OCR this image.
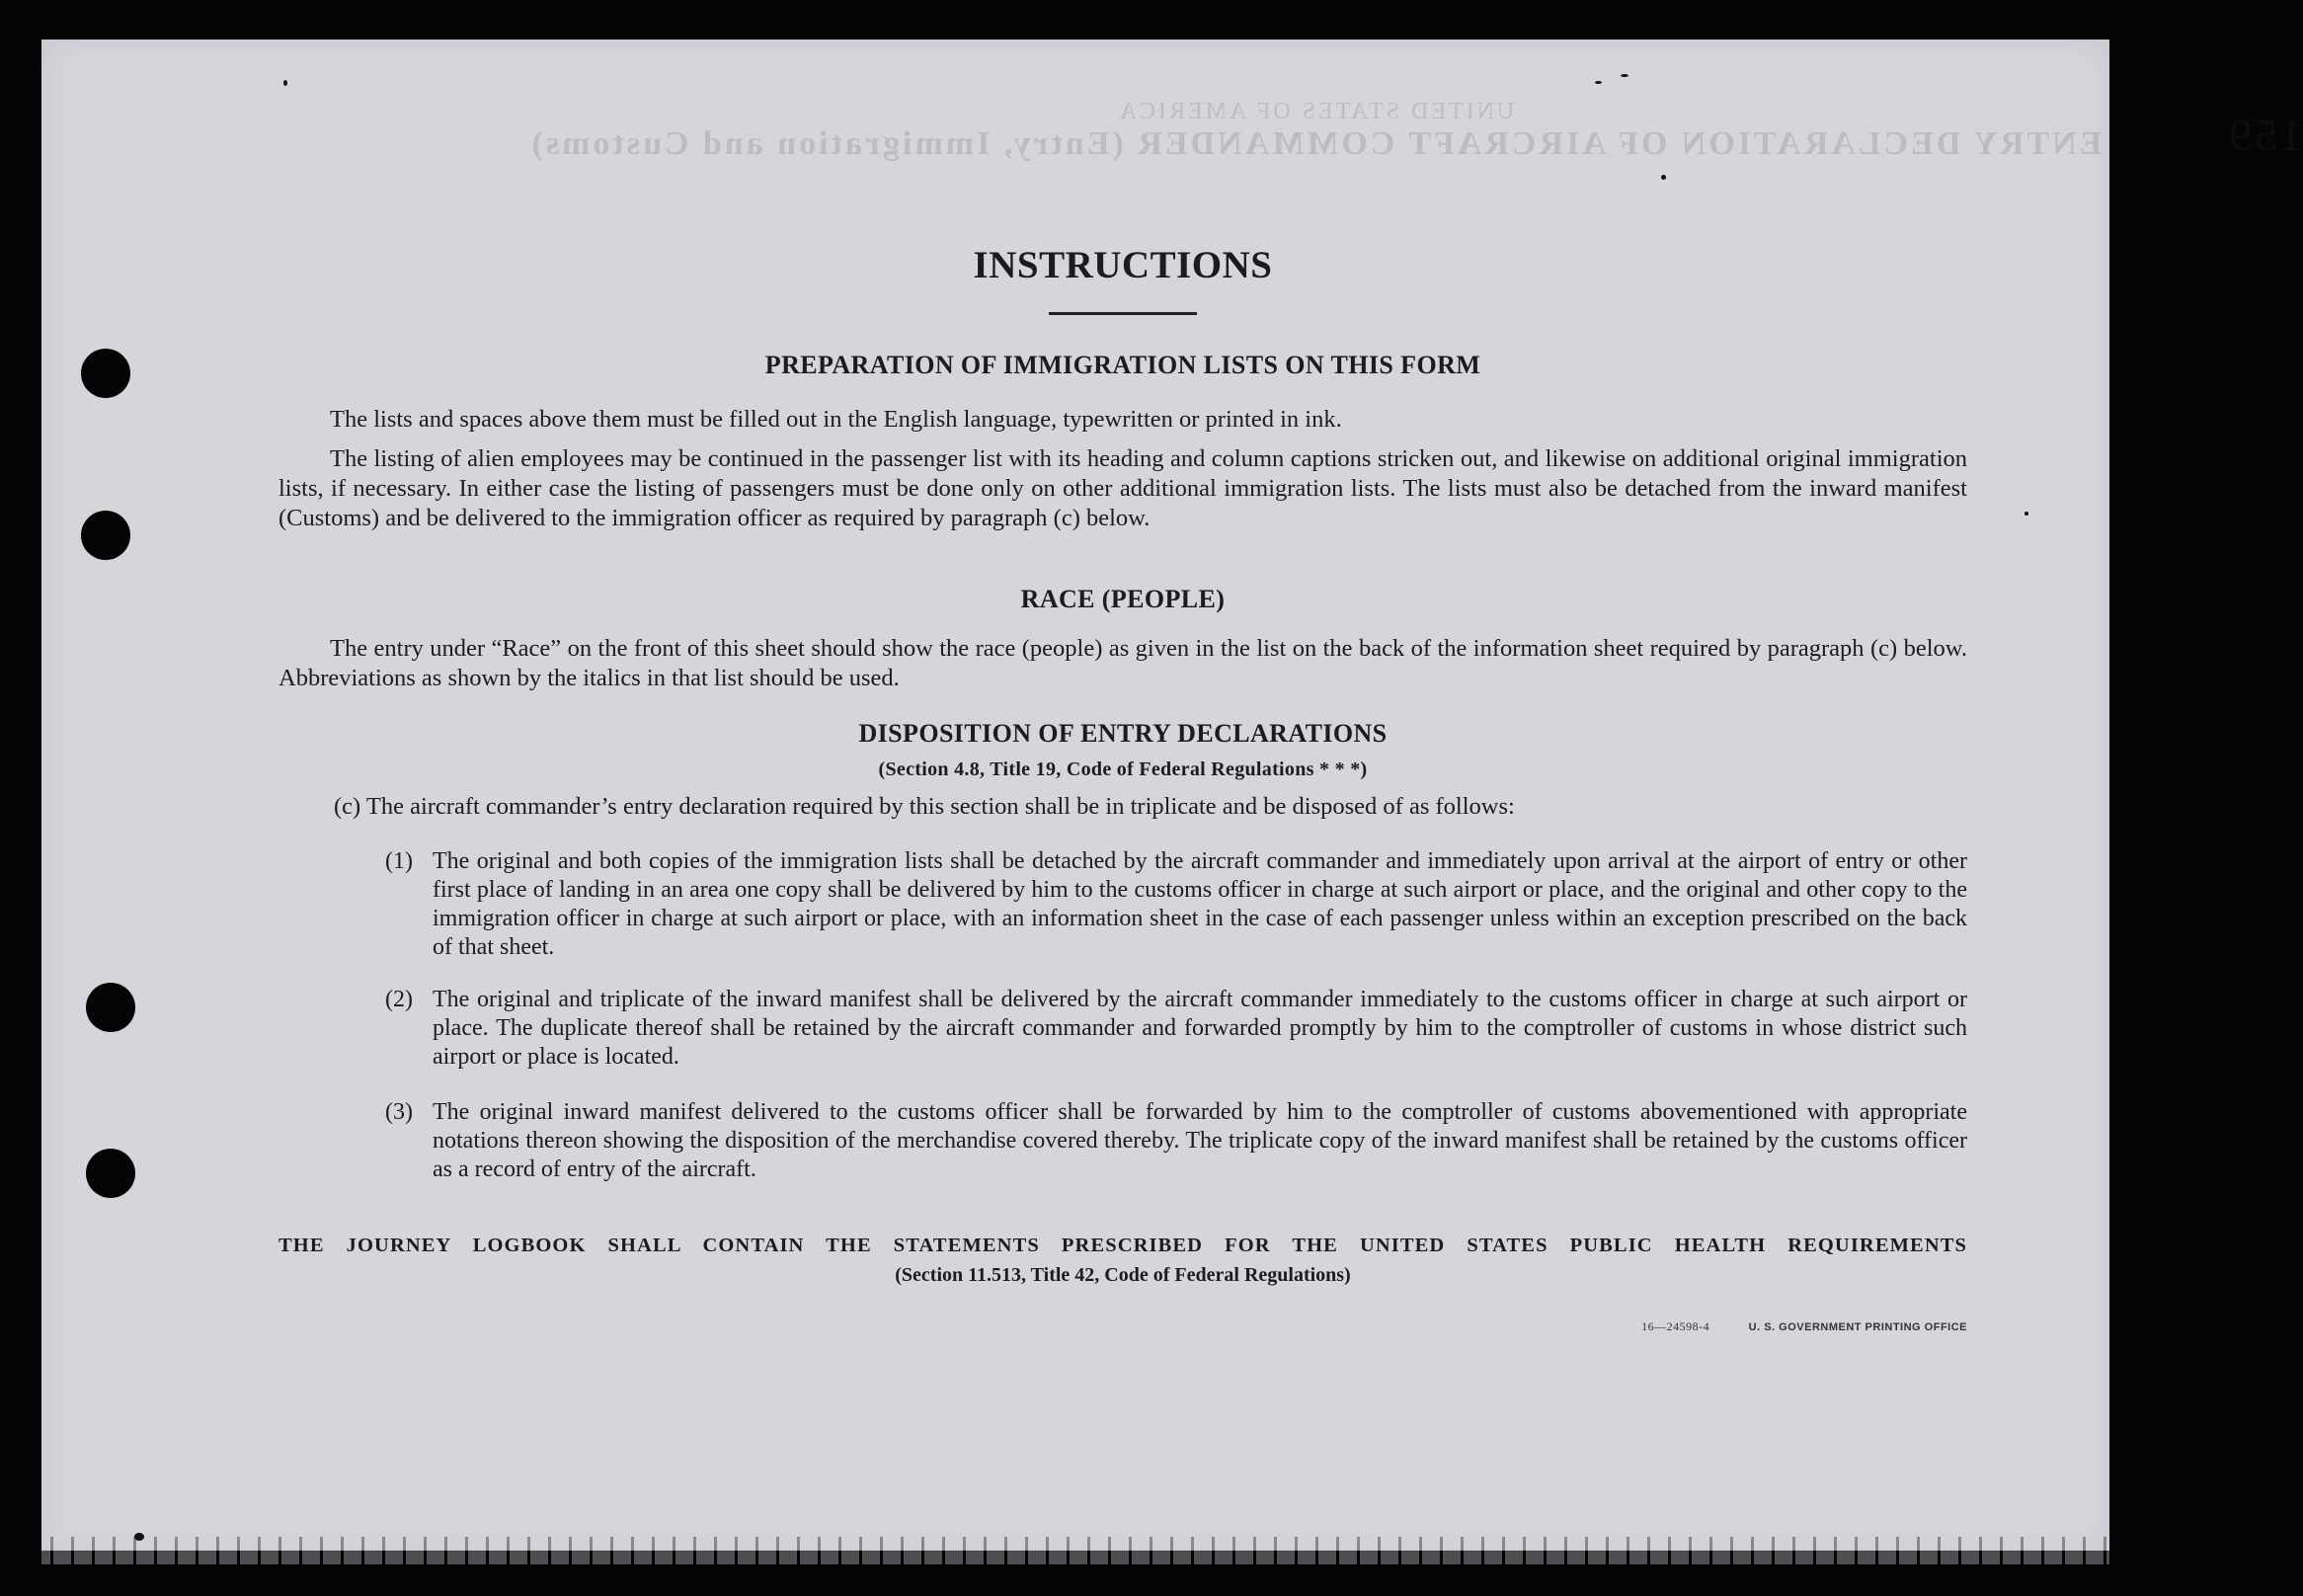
UNITED STATES OF AMERICA
ENTRY DECLARATION OF AIRCRAFT COMMANDER (Entry, Immigration and Customs)	159
INSTRUCTIONS
PREPARATION OF IMMIGRATION LISTS ON THIS FORM
The lists and spaces above them must be filled out in the English language, typewritten or printed in ink.
The listing of alien employees may be continued in the passenger list with its heading and column captions stricken out, and likewise on additional original immigration lists, if necessary. In either case the listing of passengers must be done only on other additional immigration lists. The lists must also be detached from the inward manifest (Customs) and be delivered to the immigration officer as required by paragraph (c) below.
RACE (PEOPLE)
The entry under “Race” on the front of this sheet should show the race (people) as given in the list on the back of the information sheet required by paragraph (c) below. Abbreviations as shown by the italics in that list should be used.
DISPOSITION OF ENTRY DECLARATIONS
(Section 4.8, Title 19, Code of Federal Regulations * * *)
(c) The aircraft commander’s entry declaration required by this section shall be in triplicate and be disposed of as follows:
(1) The original and both copies of the immigration lists shall be detached by the aircraft commander and immediately upon arrival at the airport of entry or other first place of landing in an area one copy shall be delivered by him to the customs officer in charge at such airport or place, and the original and other copy to the immigration officer in charge at such airport or place, with an information sheet in the case of each passenger unless within an exception prescribed on the back of that sheet.
(2) The original and triplicate of the inward manifest shall be delivered by the aircraft commander immediately to the customs officer in charge at such airport or place. The duplicate thereof shall be retained by the aircraft commander and forwarded promptly by him to the comptroller of customs in whose district such airport or place is located.
(3) The original inward manifest delivered to the customs officer shall be forwarded by him to the comptroller of customs abovementioned with appropriate notations thereon showing the disposition of the merchandise covered thereby. The triplicate copy of the inward manifest shall be retained by the customs officer as a record of entry of the aircraft.
THE JOURNEY LOGBOOK SHALL CONTAIN THE STATEMENTS PRESCRIBED FOR THE UNITED STATES PUBLIC HEALTH REQUIREMENTS
(Section 11.513, Title 42, Code of Federal Regulations)
16—24598-4	U. S. GOVERNMENT PRINTING OFFICE
